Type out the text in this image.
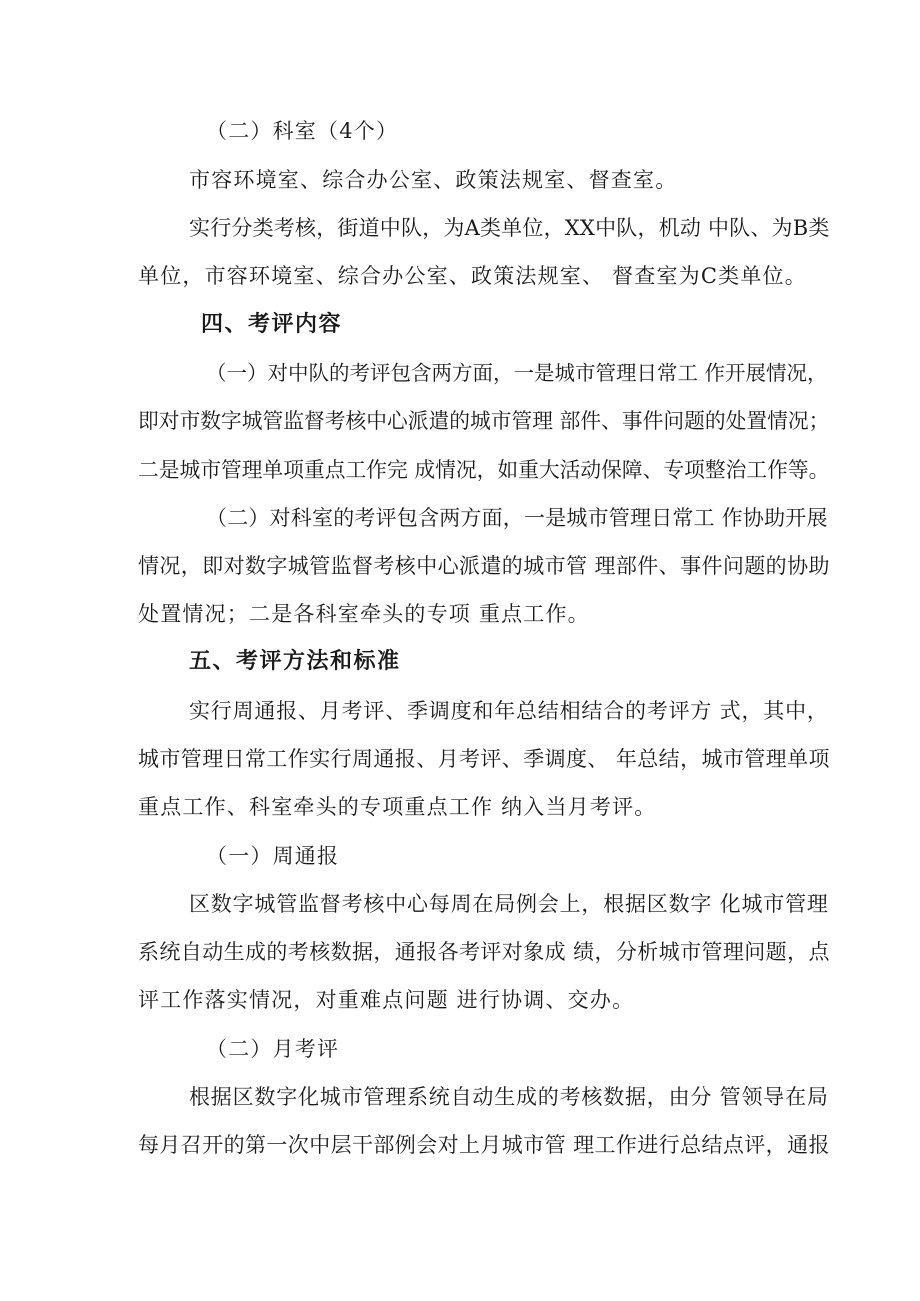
（二）科室（4个）
市容环境室、综合办公室、政策法规室、督查室。
实行分类考核，街道中队，为A类单位，XX中队，机动 中队、为B类
单位，市容环境室、综合办公室、政策法规室、 督查室为C类单位。
四、考评内容
（一）对中队的考评包含两方面，一是城市管理日常工 作开展情况，
即对市数字城管监督考核中心派遣的城市管理 部件、事件问题的处置情况；
二是城市管理单项重点工作完 成情况，如重大活动保障、专项整治工作等。
（二）对科室的考评包含两方面，一是城市管理日常工 作协助开展
情况，即对数字城管监督考核中心派遣的城市管 理部件、事件问题的协助
处置情况；二是各科室牵头的专项 重点工作。
五、考评方法和标准
实行周通报、月考评、季调度和年总结相结合的考评方 式，其中，
城市管理日常工作实行周通报、月考评、季调度、 年总结，城市管理单项
重点工作、科室牵头的专项重点工作 纳入当月考评。
（一）周通报
区数字城管监督考核中心每周在局例会上，根据区数字 化城市管理
系统自动生成的考核数据，通报各考评对象成 绩，分析城市管理问题，点
评工作落实情况，对重难点问题 进行协调、交办。
（二）月考评
根据区数字化城市管理系统自动生成的考核数据，由分 管领导在局
每月召开的第一次中层干部例会对上月城市管 理工作进行总结点评，通报
